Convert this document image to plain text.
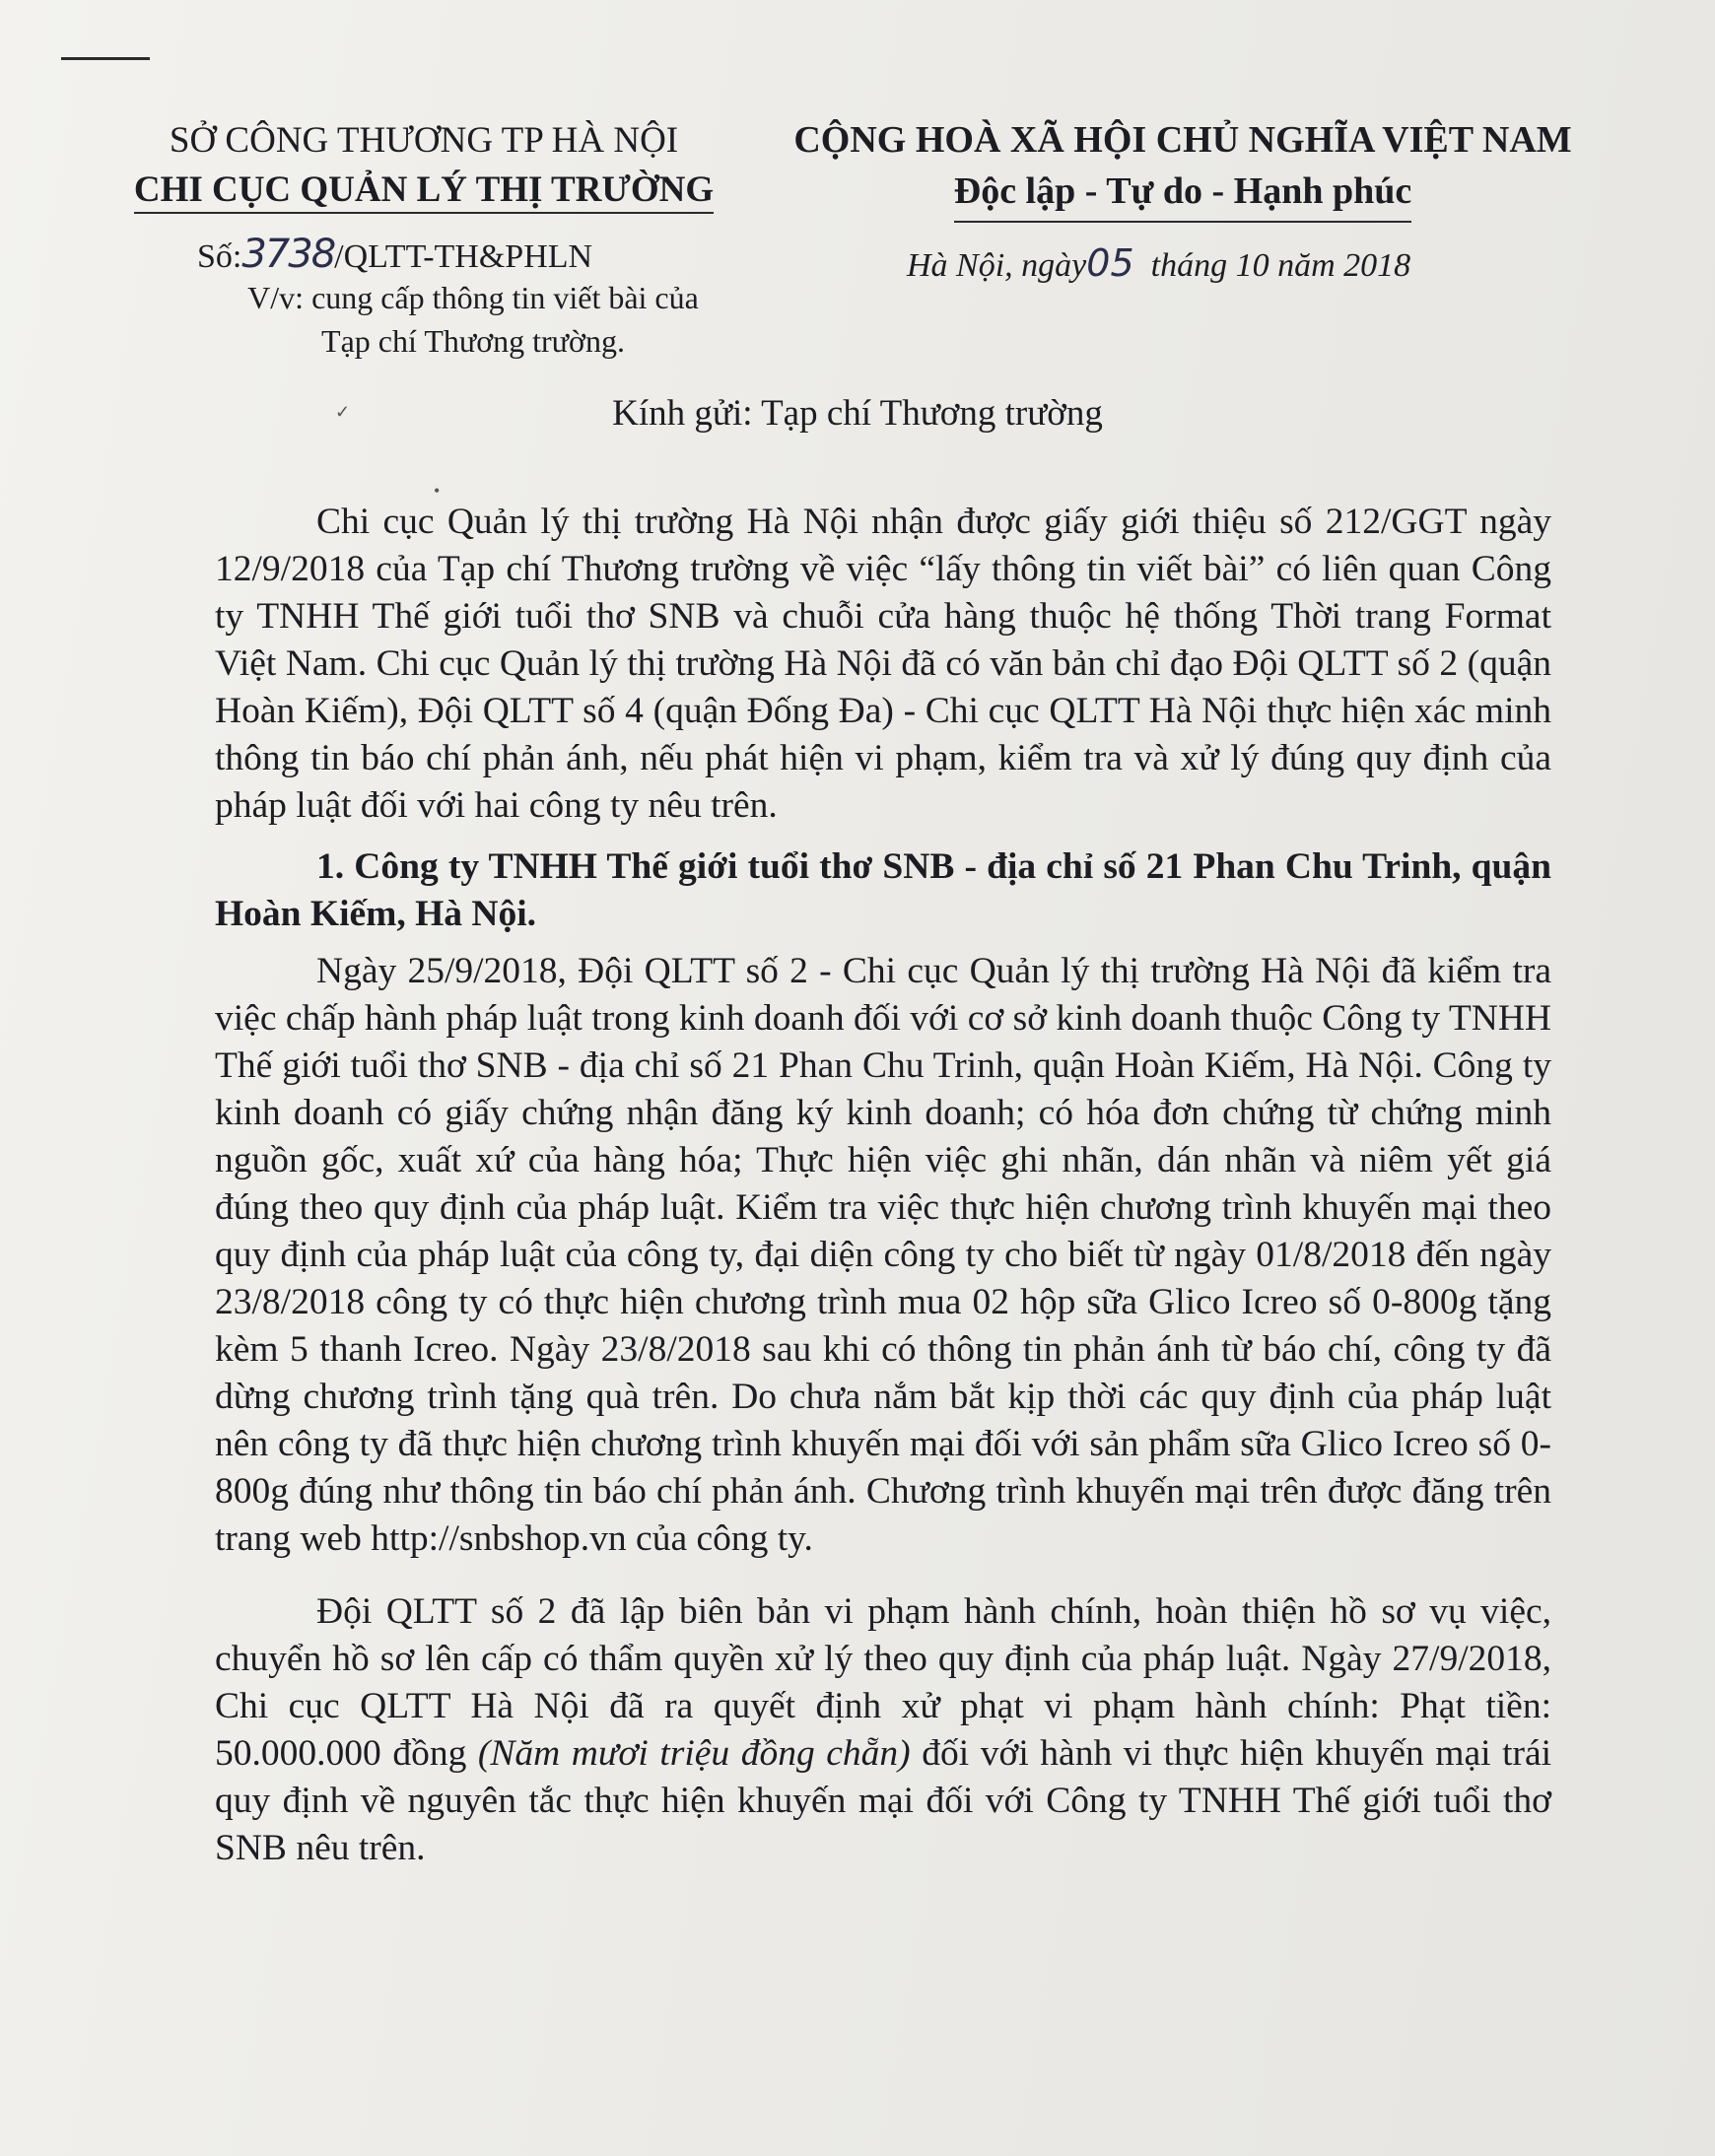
SỞ CÔNG THƯƠNG TP HÀ NỘI
CHI CỤC QUẢN LÝ THỊ TRƯỜNG
CỘNG HOÀ XÃ HỘI CHỦ NGHĨA VIỆT NAM
Độc lập - Tự do - Hạnh phúc
Số:3738/QLTT-TH&PHLN
V/v: cung cấp thông tin viết bài của
Tạp chí Thương trường.
Hà Nội, ngày05 tháng 10 năm 2018
✓
•
Kính gửi: Tạp chí Thương trường

Chi cục Quản lý thị trường Hà Nội nhận được giấy giới thiệu số 212/GGT ngày 12/9/2018 của Tạp chí Thương trường về việc “lấy thông tin viết bài” có liên quan Công ty TNHH Thế giới tuổi thơ SNB và chuỗi cửa hàng thuộc hệ thống Thời trang Format Việt Nam. Chi cục Quản lý thị trường Hà Nội đã có văn bản chỉ đạo Đội QLTT số 2 (quận Hoàn Kiếm), Đội QLTT số 4 (quận Đống Đa) - Chi cục QLTT Hà Nội thực hiện xác minh thông tin báo chí phản ánh, nếu phát hiện vi phạm, kiểm tra và xử lý đúng quy định của pháp luật đối với hai công ty nêu trên.

1. Công ty TNHH Thế giới tuổi thơ SNB - địa chỉ số 21 Phan Chu Trinh, quận Hoàn Kiếm, Hà Nội.

Ngày 25/9/2018, Đội QLTT số 2 - Chi cục Quản lý thị trường Hà Nội đã kiểm tra việc chấp hành pháp luật trong kinh doanh đối với cơ sở kinh doanh thuộc Công ty TNHH Thế giới tuổi thơ SNB - địa chỉ số 21 Phan Chu Trinh, quận Hoàn Kiếm, Hà Nội. Công ty kinh doanh có giấy chứng nhận đăng ký kinh doanh; có hóa đơn chứng từ chứng minh nguồn gốc, xuất xứ của hàng hóa; Thực hiện việc ghi nhãn, dán nhãn và niêm yết giá đúng theo quy định của pháp luật. Kiểm tra việc thực hiện chương trình khuyến mại theo quy định của pháp luật của công ty, đại diện công ty cho biết từ ngày 01/8/2018 đến ngày 23/8/2018 công ty có thực hiện chương trình mua 02 hộp sữa Glico Icreo số 0-800g tặng kèm 5 thanh Icreo. Ngày 23/8/2018 sau khi có thông tin phản ánh từ báo chí, công ty đã dừng chương trình tặng quà trên. Do chưa nắm bắt kịp thời các quy định của pháp luật nên công ty đã thực hiện chương trình khuyến mại đối với sản phẩm sữa Glico Icreo số 0-800g đúng như thông tin báo chí phản ánh. Chương trình khuyến mại trên được đăng trên trang web http://snbshop.vn của công ty.

Đội QLTT số 2 đã lập biên bản vi phạm hành chính, hoàn thiện hồ sơ vụ việc, chuyển hồ sơ lên cấp có thẩm quyền xử lý theo quy định của pháp luật. Ngày 27/9/2018, Chi cục QLTT Hà Nội đã ra quyết định xử phạt vi phạm hành chính: Phạt tiền: 50.000.000 đồng (Năm mươi triệu đồng chẵn) đối với hành vi thực hiện khuyến mại trái quy định về nguyên tắc thực hiện khuyến mại đối với Công ty TNHH Thế giới tuổi thơ SNB nêu trên.
